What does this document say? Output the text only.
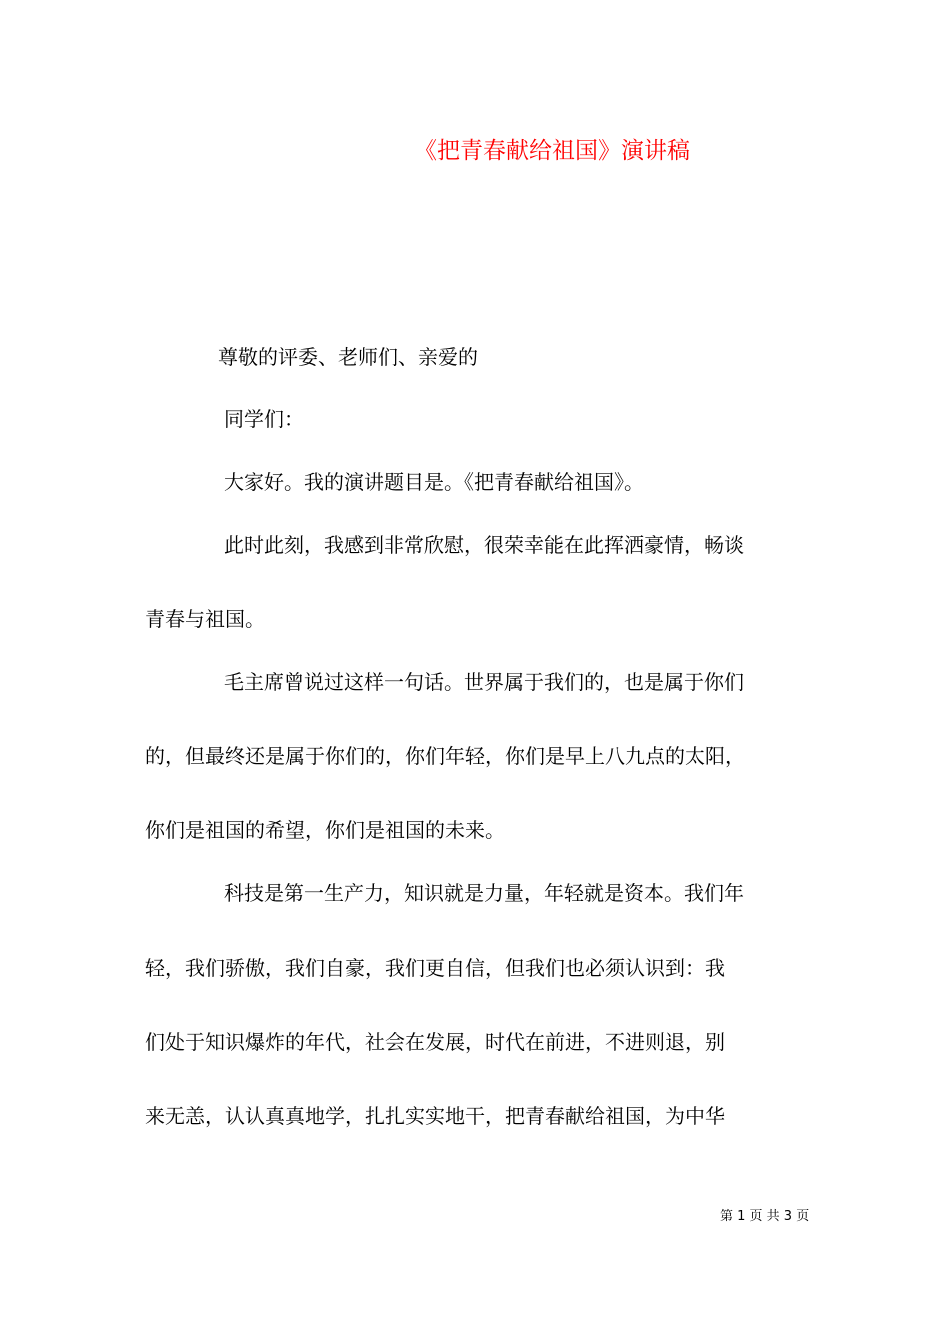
《把青春献给祖国》演讲稿
尊敬的评委、老师们、亲爱的
同学们：
大家好。我的演讲题目是。《把青春献给祖国》。
此时此刻，我感到非常欣慰，很荣幸能在此挥洒豪情，畅谈
青春与祖国。
毛主席曾说过这样一句话。世界属于我们的，也是属于你们
的，但最终还是属于你们的，你们年轻，你们是早上八九点的太阳，
你们是祖国的希望，你们是祖国的未来。
科技是第一生产力，知识就是力量，年轻就是资本。我们年
轻，我们骄傲，我们自豪，我们更自信，但我们也必须认识到：我
们处于知识爆炸的年代，社会在发展，时代在前进，不进则退，别
来无恙，认认真真地学，扎扎实实地干，把青春献给祖国，为中华
第 1 页 共 3 页
